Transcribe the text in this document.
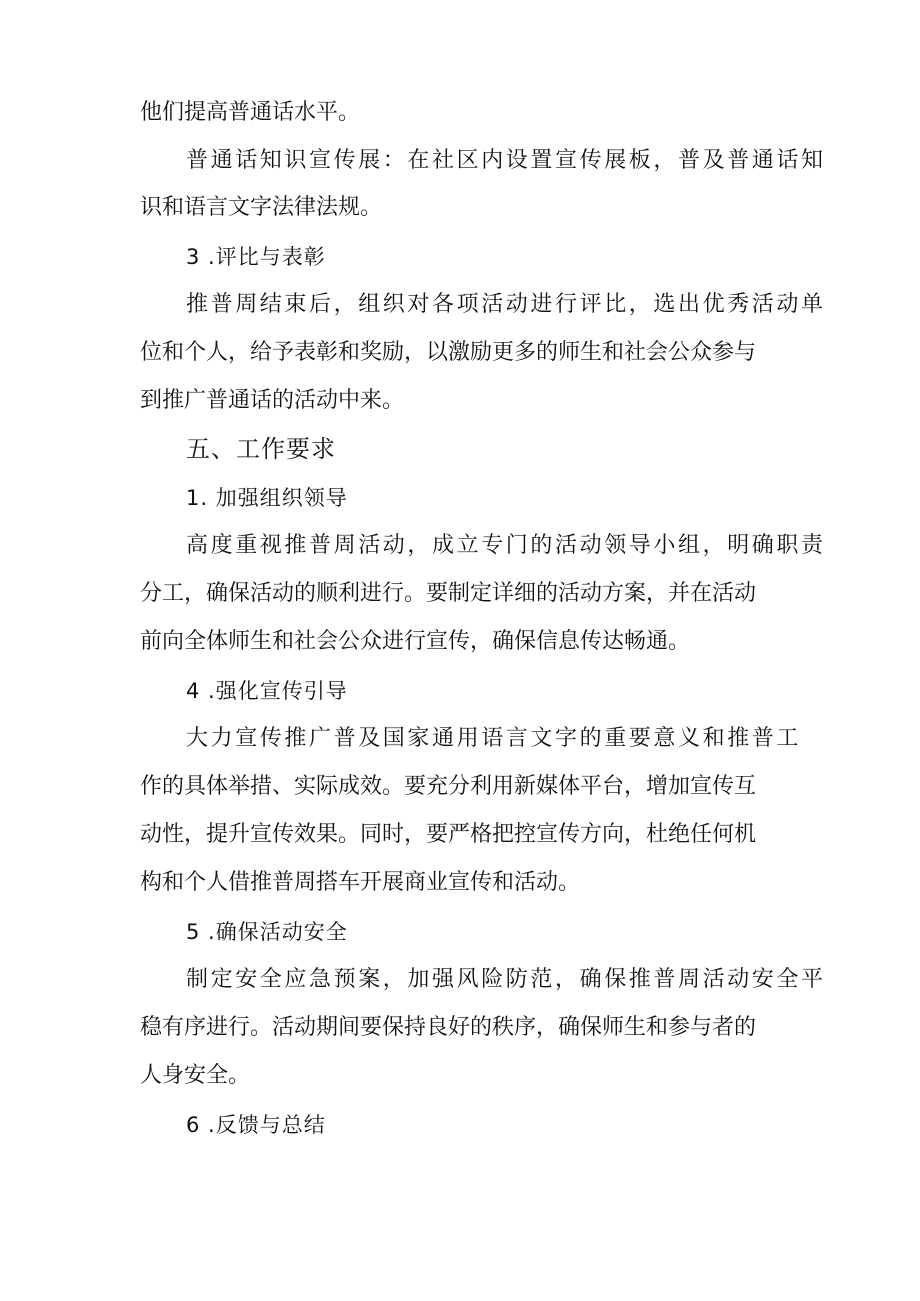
他们提高普通话水平。
普通话知识宣传展：在社区内设置宣传展板，普及普通话知
识和语言文字法律法规。
3 .评比与表彰
推普周结束后，组织对各项活动进行评比，选出优秀活动单
位和个人，给予表彰和奖励，以激励更多的师生和社会公众参与
到推广普通话的活动中来。
五、工作要求
1. 加强组织领导
高度重视推普周活动，成立专门的活动领导小组，明确职责
分工，确保活动的顺利进行。要制定详细的活动方案，并在活动
前向全体师生和社会公众进行宣传，确保信息传达畅通。
4 .强化宣传引导
大力宣传推广普及国家通用语言文字的重要意义和推普工
作的具体举措、实际成效。要充分利用新媒体平台，增加宣传互
动性，提升宣传效果。同时，要严格把控宣传方向，杜绝任何机
构和个人借推普周搭车开展商业宣传和活动。
5 .确保活动安全
制定安全应急预案，加强风险防范，确保推普周活动安全平
稳有序进行。活动期间要保持良好的秩序，确保师生和参与者的
人身安全。
6 .反馈与总结
